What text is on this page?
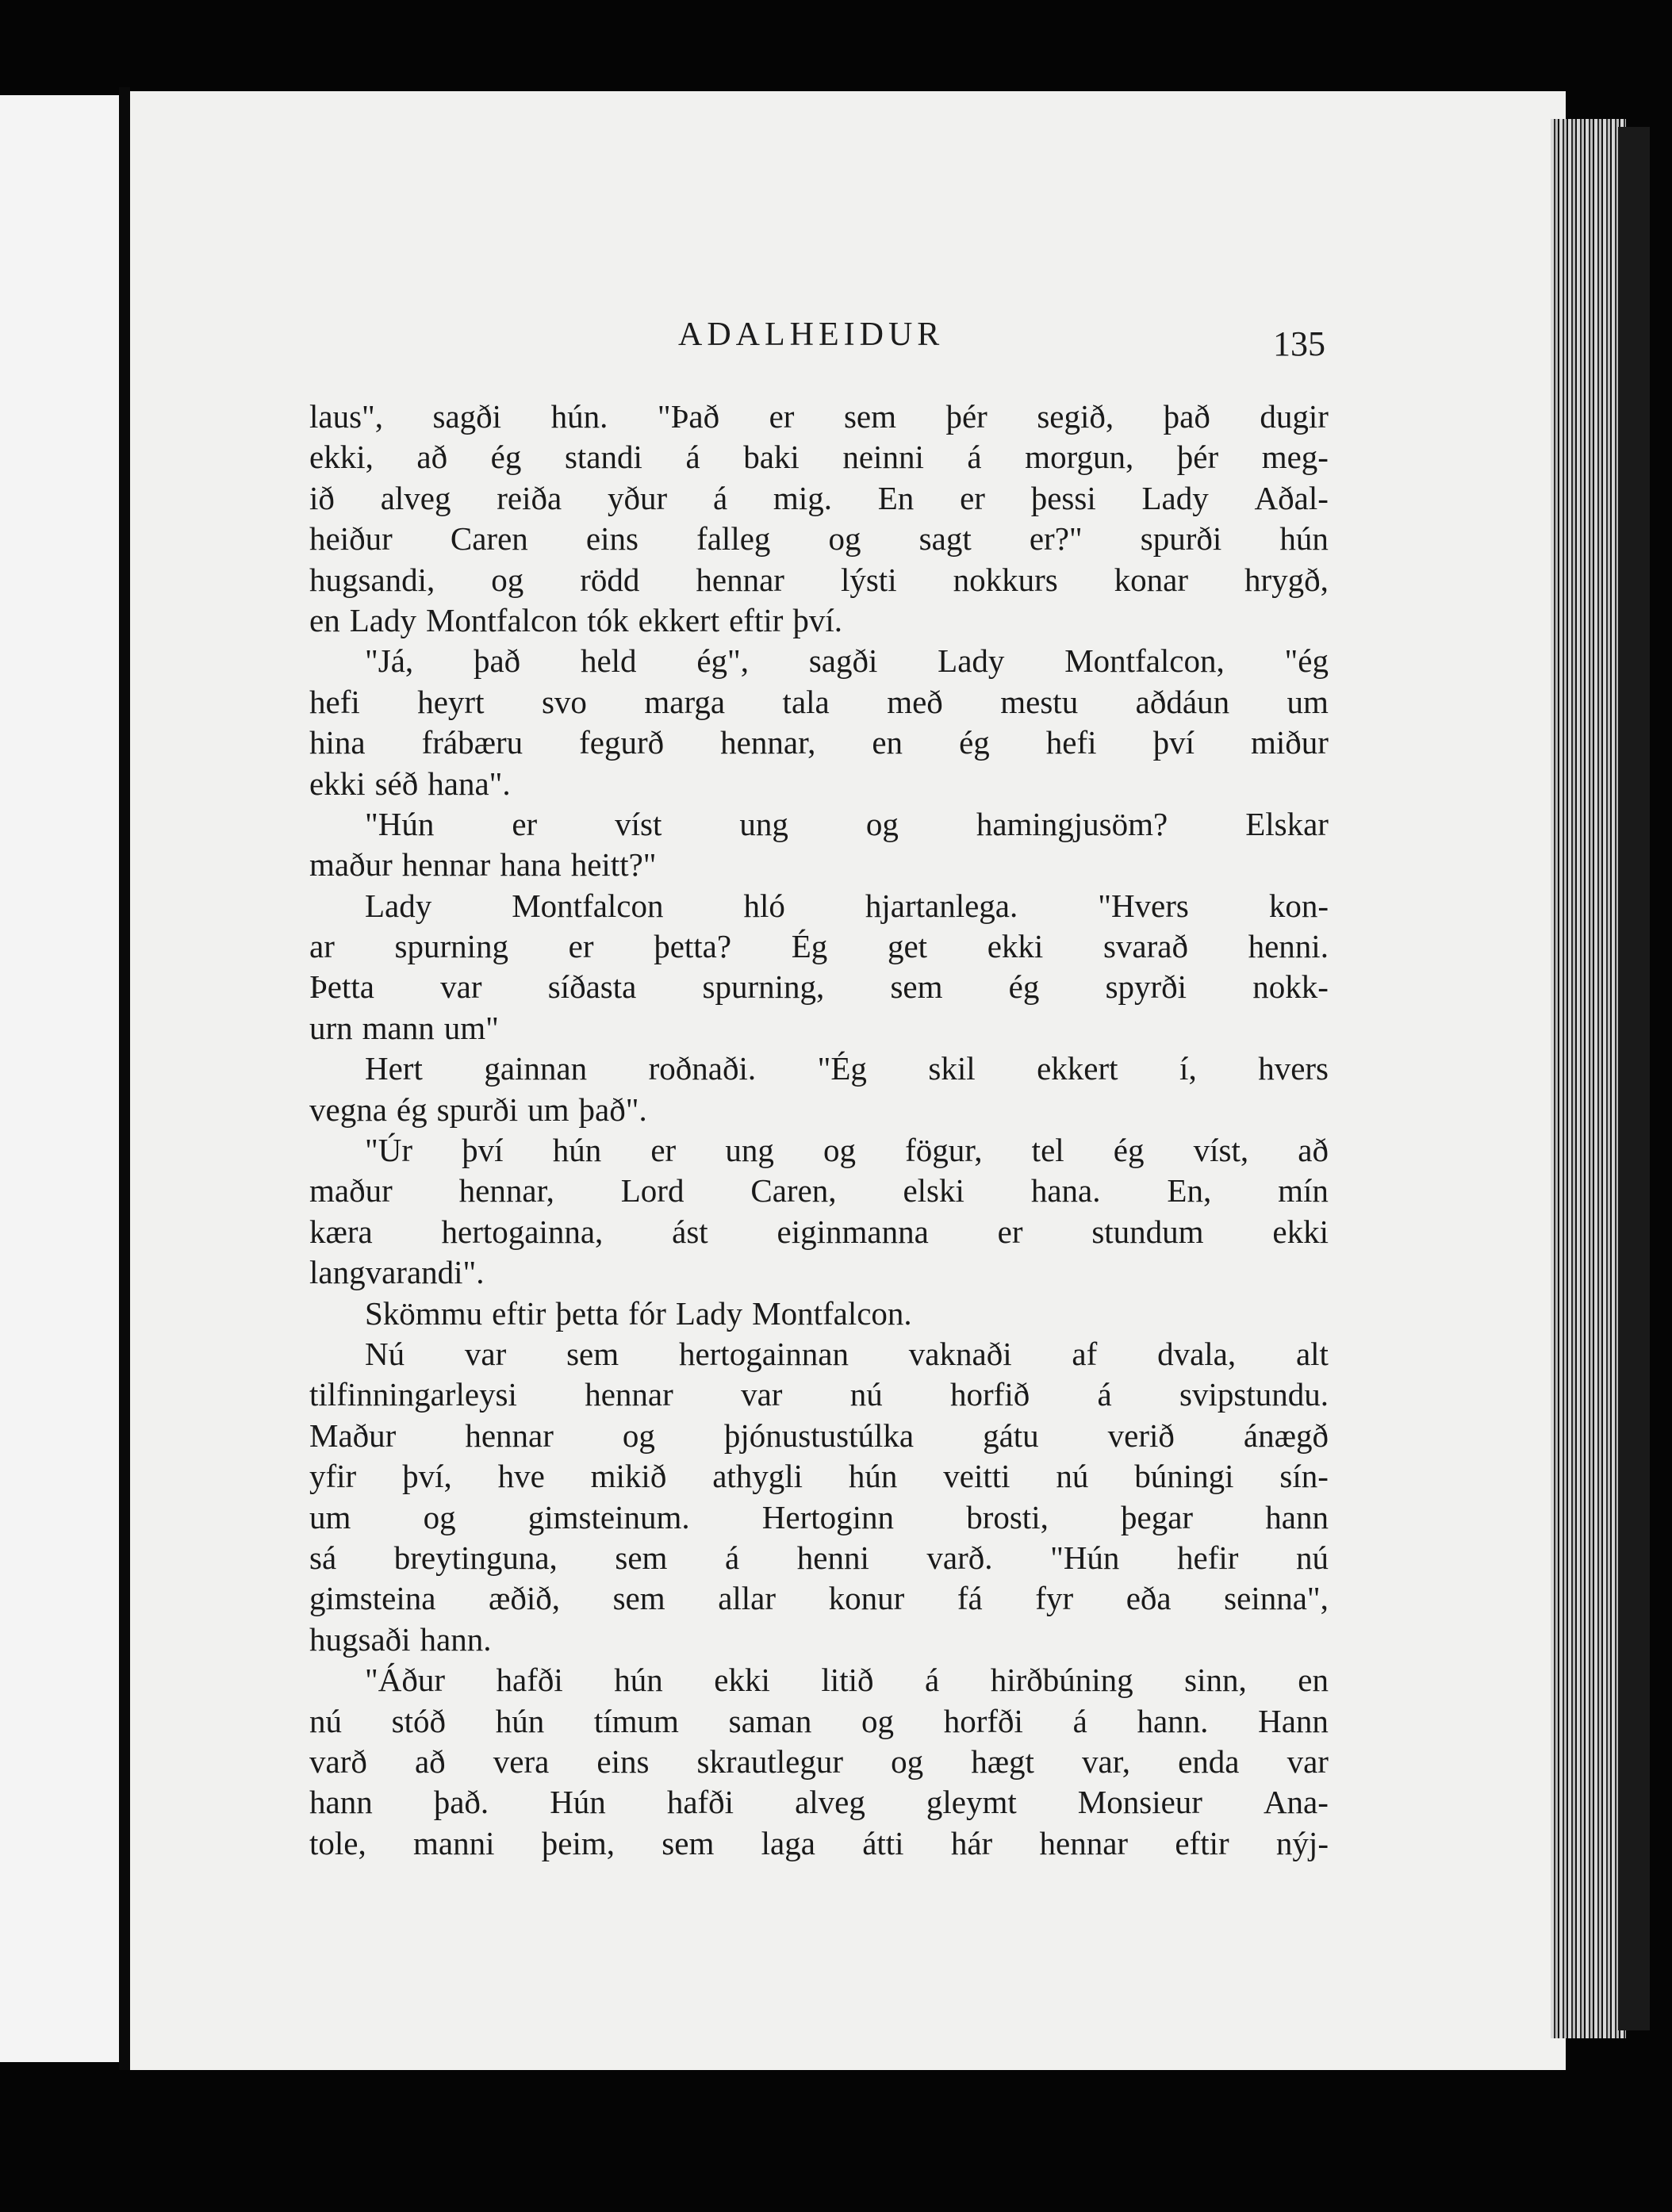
ADALHEIDUR	135
laus", sagði hún. "Það er sem þér segið, það dugir
ekki, að ég standi á baki neinni á morgun, þér meg-
ið alveg reiða yður á mig. En er þessi Lady Aðal-
heiður Caren eins falleg og sagt er?" spurði hún
hugsandi, og rödd hennar lýsti nokkurs konar hrygð,
en Lady Montfalcon tók ekkert eftir því.
"Já, það held ég", sagði Lady Montfalcon, "ég
hefi heyrt svo marga tala með mestu aðdáun um
hina frábæru fegurð hennar, en ég hefi því miður
ekki séð hana".
"Hún er víst ung og hamingjusöm? Elskar
maður hennar hana heitt?"
Lady Montfalcon hló hjartanlega. "Hvers kon-
ar spurning er þetta? Ég get ekki svarað henni.
Þetta var síðasta spurning, sem ég spyrði nokk-
urn mann um"
Hert gainnan roðnaði. "Ég skil ekkert í, hvers
vegna ég spurði um það".
"Úr því hún er ung og fögur, tel ég víst, að
maður hennar, Lord Caren, elski hana. En, mín
kæra hertogainna, ást eiginmanna er stundum ekki
langvarandi".
Skömmu eftir þetta fór Lady Montfalcon.
Nú var sem hertogainnan vaknaði af dvala, alt
tilfinningarleysi hennar var nú horfið á svipstundu.
Maður hennar og þjónustustúlka gátu verið ánægð
yfir því, hve mikið athygli hún veitti nú búningi sín-
um og gimsteinum. Hertoginn brosti, þegar hann
sá breytinguna, sem á henni varð. "Hún hefir nú
gimsteina æðið, sem allar konur fá fyr eða seinna",
hugsaði hann.
"Áður hafði hún ekki litið á hirðbúning sinn, en
nú stóð hún tímum saman og horfði á hann. Hann
varð að vera eins skrautlegur og hægt var, enda var
hann það. Hún hafði alveg gleymt Monsieur Ana-
tole, manni þeim, sem laga átti hár hennar eftir nýj-
